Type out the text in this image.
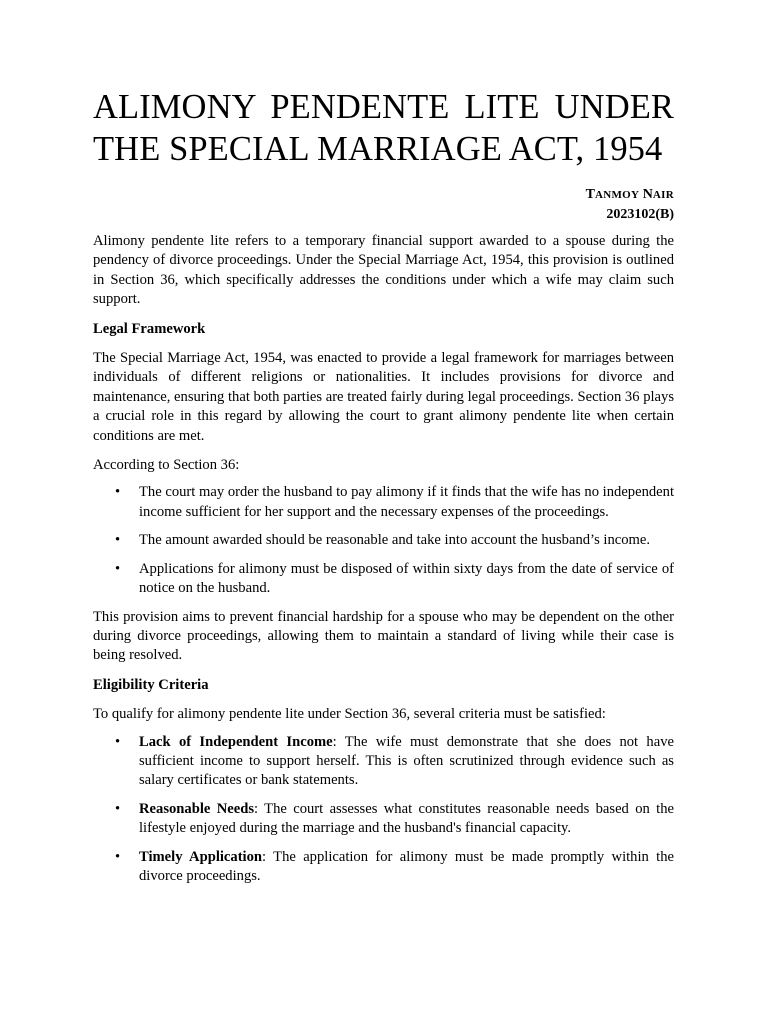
ALIMONY PENDENTE LITE UNDER THE SPECIAL MARRIAGE ACT, 1954
TANMOY NAIR
2023102(B)

Alimony pendente lite refers to a temporary financial support awarded to a spouse during the pendency of divorce proceedings. Under the Special Marriage Act, 1954, this provision is outlined in Section 36, which specifically addresses the conditions under which a wife may claim such support.

Legal Framework

The Special Marriage Act, 1954, was enacted to provide a legal framework for marriages between individuals of different religions or nationalities. It includes provisions for divorce and maintenance, ensuring that both parties are treated fairly during legal proceedings. Section 36 plays a crucial role in this regard by allowing the court to grant alimony pendente lite when certain conditions are met.

According to Section 36:

• The court may order the husband to pay alimony if it finds that the wife has no independent income sufficient for her support and the necessary expenses of the proceedings.
• The amount awarded should be reasonable and take into account the husband’s income.
• Applications for alimony must be disposed of within sixty days from the date of service of notice on the husband.

This provision aims to prevent financial hardship for a spouse who may be dependent on the other during divorce proceedings, allowing them to maintain a standard of living while their case is being resolved.

Eligibility Criteria

To qualify for alimony pendente lite under Section 36, several criteria must be satisfied:

• Lack of Independent Income: The wife must demonstrate that she does not have sufficient income to support herself. This is often scrutinized through evidence such as salary certificates or bank statements.
• Reasonable Needs: The court assesses what constitutes reasonable needs based on the lifestyle enjoyed during the marriage and the husband's financial capacity.
• Timely Application: The application for alimony must be made promptly within the divorce proceedings.
